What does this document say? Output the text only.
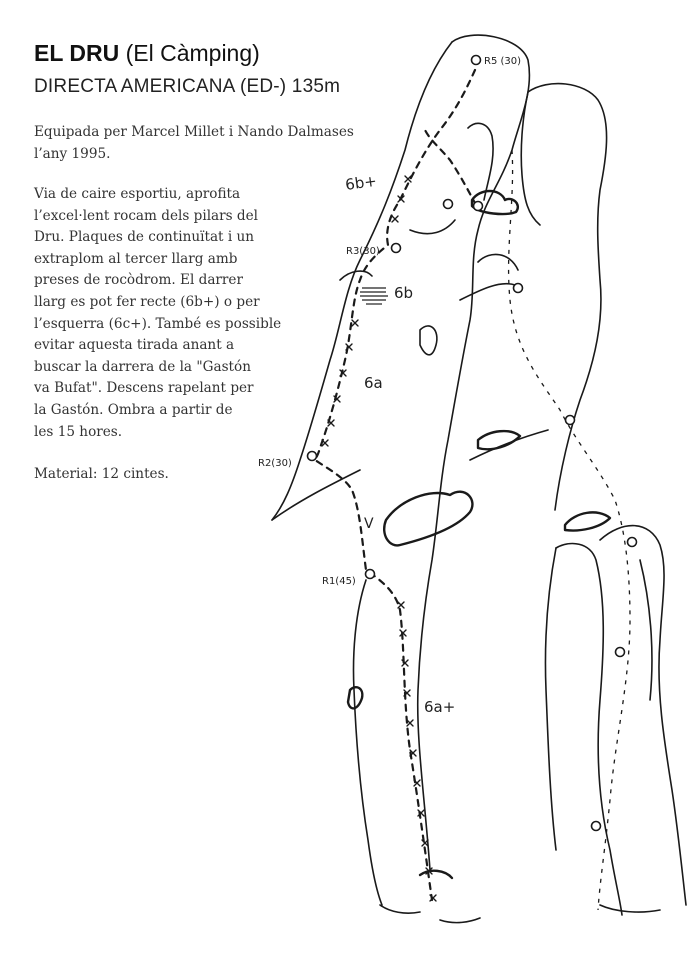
R5 (30)
R3(30)
R2(30)
R1(45)
6b+
6b
6a
V
6a+
EL DRU (El Càmping)
DIRECTA AMERICANA (ED-) 135m
Equipada per Marcel Millet i Nando Dalmases
l’any 1995.
Via de caire esportiu, aprofita
l’excel·lent rocam dels pilars del
Dru. Plaques de continuïtat i un
extraplom al tercer llarg amb
preses de rocòdrom. El darrer
llarg es pot fer recte (6b+) o per
l’esquerra (6c+). També es possible
evitar aquesta tirada anant a
buscar la darrera de la "Gastón
va Bufat". Descens rapelant per
la Gastón. Ombra a partir de
les 15 hores.
Material: 12 cintes.
